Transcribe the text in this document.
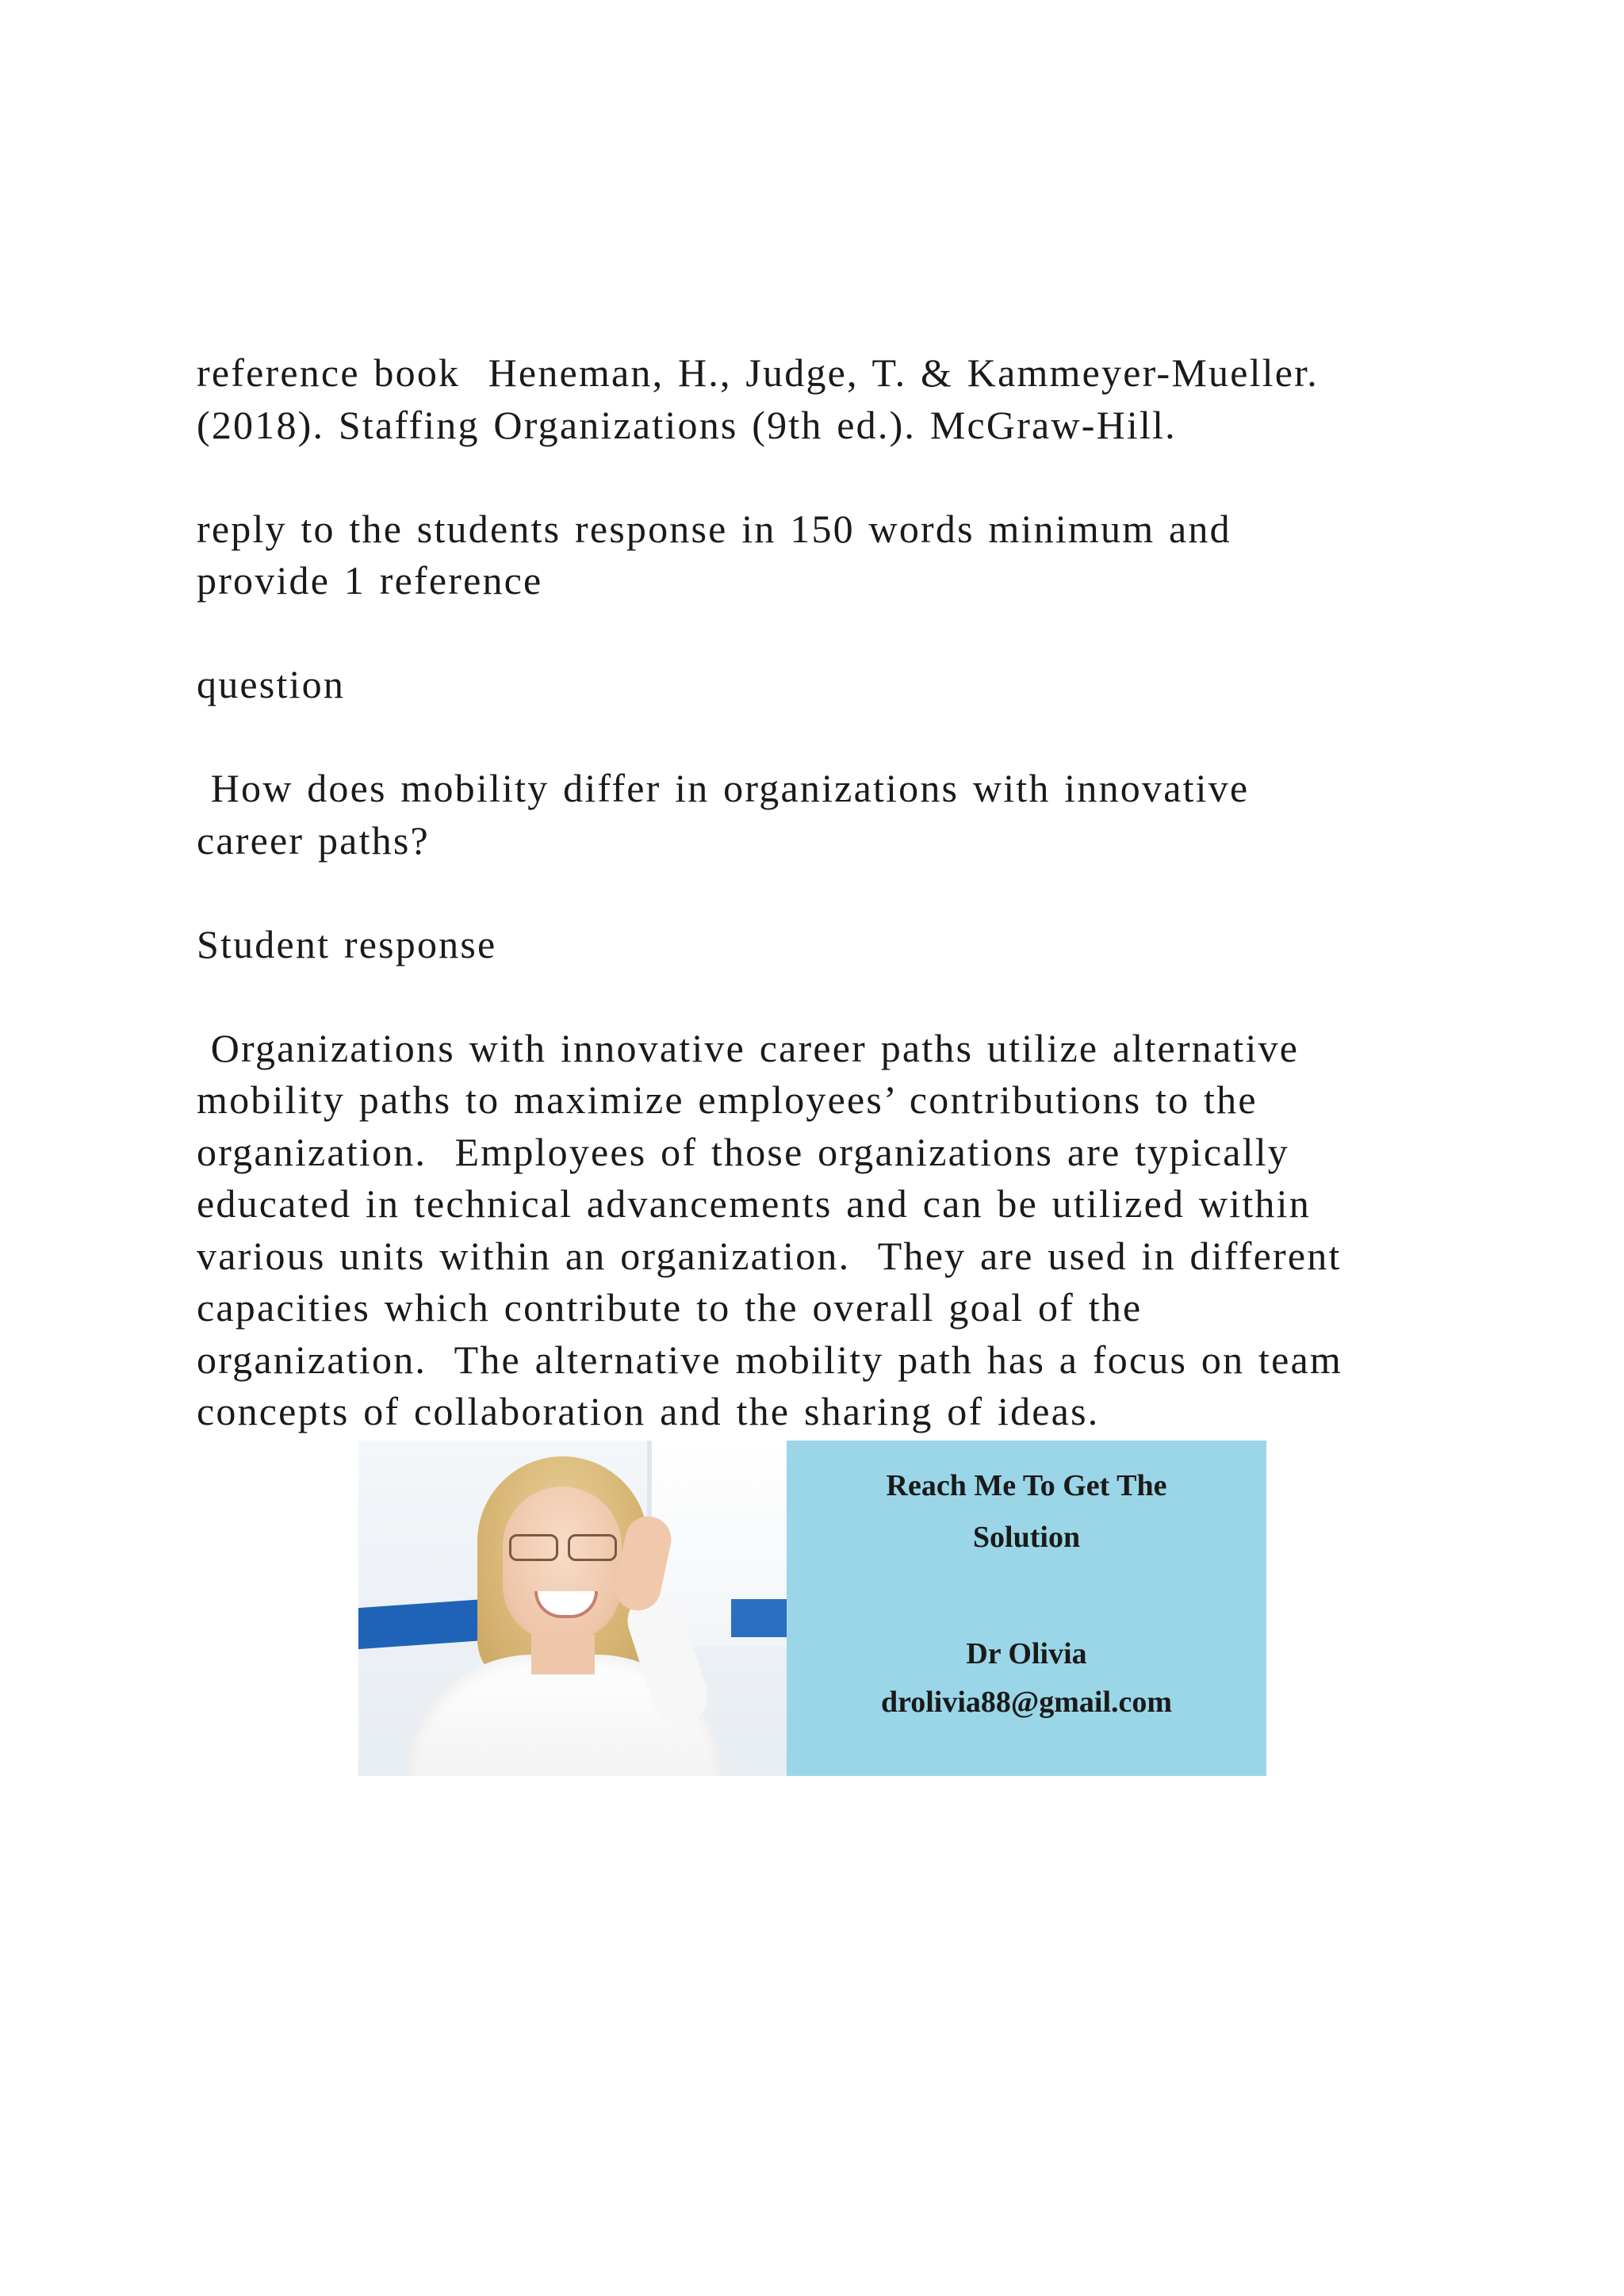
reference book  Heneman, H., Judge, T. & Kammeyer-Mueller.
(2018). Staffing Organizations (9th ed.). McGraw-Hill.

reply to the students response in 150 words minimum and
provide 1 reference

question

How does mobility differ in organizations with innovative
career paths?

Student response

Organizations with innovative career paths utilize alternative
mobility paths to maximize employees’ contributions to the
organization.  Employees of those organizations are typically
educated in technical advancements and can be utilized within
various units within an organization.  They are used in different
capacities which contribute to the overall goal of the
organization.  The alternative mobility path has a focus on team
concepts of collaboration and the sharing of ideas.

Reach Me To Get The
Solution
Dr Olivia
drolivia88@gmail.com
